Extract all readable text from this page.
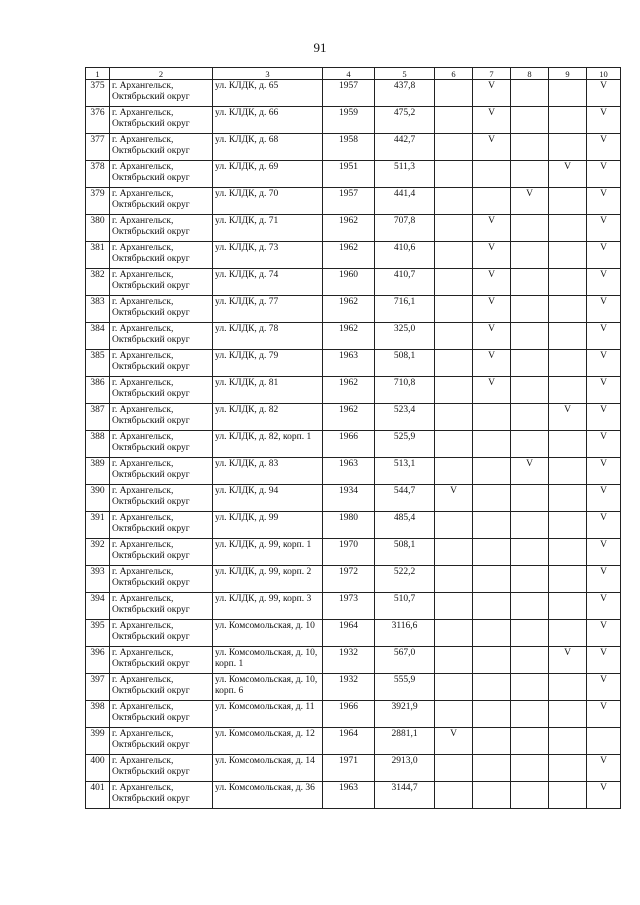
91
1	2	3	4	5	6	7	8	9	10
375	г. Архангельск, Октябрьский округ	ул. КЛДК, д. 65	1957	437,8		V			V
376	г. Архангельск, Октябрьский округ	ул. КЛДК, д. 66	1959	475,2		V			V
377	г. Архангельск, Октябрьский округ	ул. КЛДК, д. 68	1958	442,7		V			V
378	г. Архангельск, Октябрьский округ	ул. КЛДК, д. 69	1951	511,3				V	V
379	г. Архангельск, Октябрьский округ	ул. КЛДК, д. 70	1957	441,4			V		V
380	г. Архангельск, Октябрьский округ	ул. КЛДК, д. 71	1962	707,8		V			V
381	г. Архангельск, Октябрьский округ	ул. КЛДК, д. 73	1962	410,6		V			V
382	г. Архангельск, Октябрьский округ	ул. КЛДК, д. 74	1960	410,7		V			V
383	г. Архангельск, Октябрьский округ	ул. КЛДК, д. 77	1962	716,1		V			V
384	г. Архангельск, Октябрьский округ	ул. КЛДК, д. 78	1962	325,0		V			V
385	г. Архангельск, Октябрьский округ	ул. КЛДК, д. 79	1963	508,1		V			V
386	г. Архангельск, Октябрьский округ	ул. КЛДК, д. 81	1962	710,8		V			V
387	г. Архангельск, Октябрьский округ	ул. КЛДК, д. 82	1962	523,4				V	V
388	г. Архангельск, Октябрьский округ	ул. КЛДК, д. 82, корп. 1	1966	525,9					V
389	г. Архангельск, Октябрьский округ	ул. КЛДК, д. 83	1963	513,1			V		V
390	г. Архангельск, Октябрьский округ	ул. КЛДК, д. 94	1934	544,7	V				V
391	г. Архангельск, Октябрьский округ	ул. КЛДК, д. 99	1980	485,4					V
392	г. Архангельск, Октябрьский округ	ул. КЛДК, д. 99, корп. 1	1970	508,1					V
393	г. Архангельск, Октябрьский округ	ул. КЛДК, д. 99, корп. 2	1972	522,2					V
394	г. Архангельск, Октябрьский округ	ул. КЛДК, д. 99, корп. 3	1973	510,7					V
395	г. Архангельск, Октябрьский округ	ул. Комсомольская, д. 10	1964	3116,6					V
396	г. Архангельск, Октябрьский округ	ул. Комсомольская, д. 10, корп. 1	1932	567,0				V	V
397	г. Архангельск, Октябрьский округ	ул. Комсомольская, д. 10, корп. 6	1932	555,9					V
398	г. Архангельск, Октябрьский округ	ул. Комсомольская, д. 11	1966	3921,9					V
399	г. Архангельск, Октябрьский округ	ул. Комсомольская, д. 12	1964	2881,1	V				
400	г. Архангельск, Октябрьский округ	ул. Комсомольская, д. 14	1971	2913,0					V
401	г. Архангельск, Октябрьский округ	ул. Комсомольская, д. 36	1963	3144,7					V
